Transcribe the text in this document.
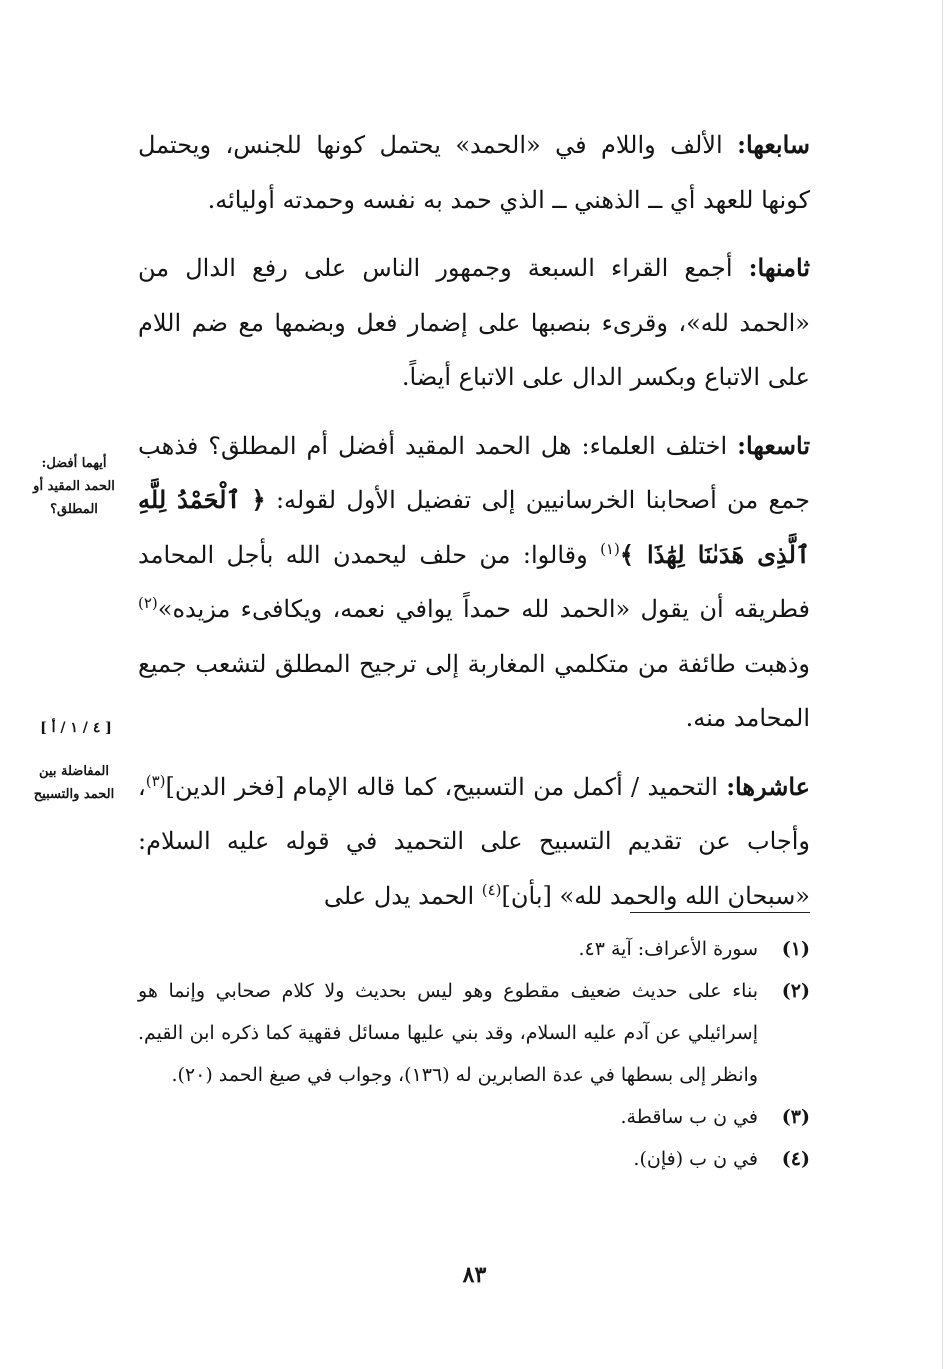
سابعها: الألف واللام في «الحمد» يحتمل كونها للجنس، ويحتمل كونها للعهد أي ــ الذهني ــ الذي حمد به نفسه وحمدته أوليائه.

ثامنها: أجمع القراء السبعة وجمهور الناس على رفع الدال من «الحمد لله»، وقرىء بنصبها على إضمار فعل وبضمها مع ضم اللام على الاتباع وبكسر الدال على الاتباع أيضاً.

تاسعها: اختلف العلماء: هل الحمد المقيد أفضل أم المطلق؟ فذهب جمع من أصحابنا الخرسانيين إلى تفضيل الأول لقوله: ﴿ ٱلْحَمْدُ لِلَّهِ ٱلَّذِى هَدَىٰنَا لِهَٰذَا ﴾$^{(١)}$ وقالوا: من حلف ليحمدن الله بأجل المحامد فطريقه أن يقول «الحمد لله حمداً يوافي نعمه، ويكافىء مزيده»$^{(٢)}$ وذهبت طائفة من متكلمي المغاربة إلى ترجيح المطلق لتشعب جميع المحامد منه.

عاشرها: التحميد / أكمل من التسبيح، كما قاله الإمام [فخر الدين]$^{(٣)}$، وأجاب عن تقديم التسبيح على التحميد في قوله عليه السلام: «سبحان الله والحمد لله» [بأن]$^{(٤)}$ الحمد يدل على

أيهما أفضل: الحمد المقيد أو المطلق؟
[ ٤ / ١ / أ ]
المفاضلة بين الحمد والتسبيح
(١)
سورة الأعراف: آية ٤٣.
(٢)
بناء على حديث ضعيف مقطوع وهو ليس بحديث ولا كلام صحابي وإنما هو إسرائيلي عن آدم عليه السلام، وقد بني عليها مسائل فقهية كما ذكره ابن القيم. وانظر إلى بسطها في عدة الصابرين له (١٣٦)، وجواب في صيغ الحمد (٢٠).
(٣)
في ن ب ساقطة.
(٤)
في ن ب (فإن).
٨٣
